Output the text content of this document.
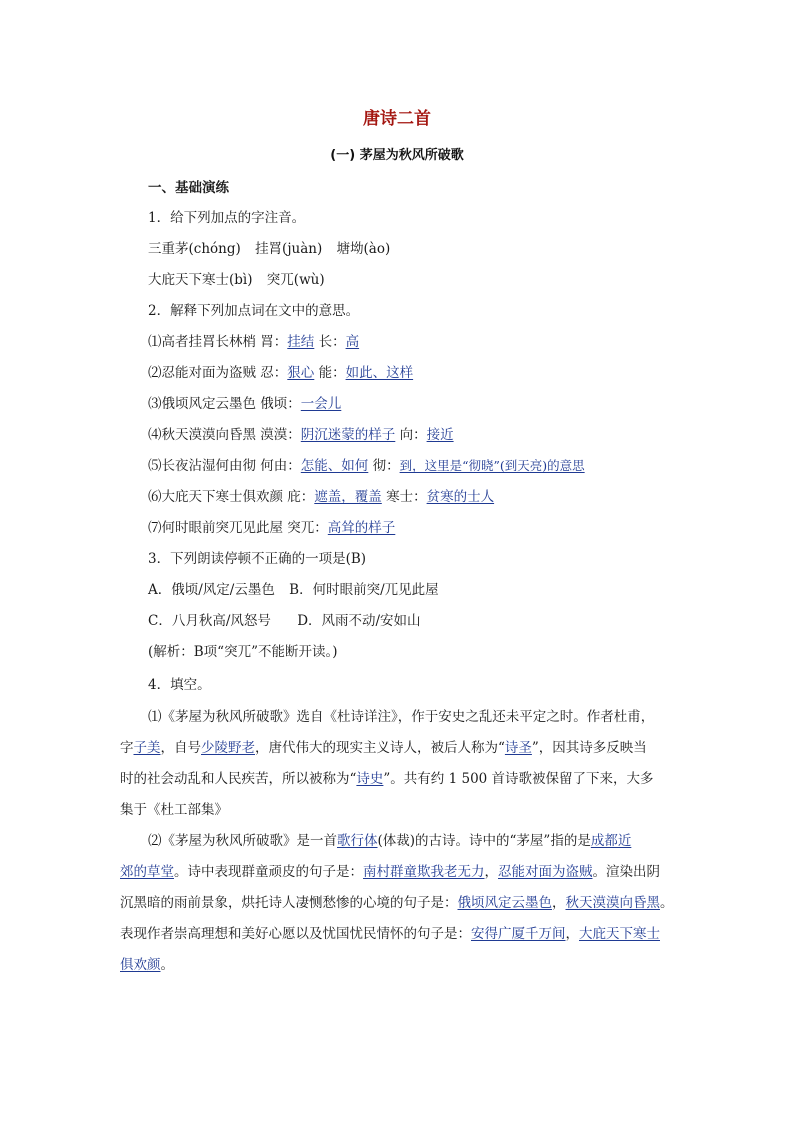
唐诗二首
(一) 茅屋为秋风所破歌
一、基础演练
1．给下列加点的字注音。
三重茅(chóng) 挂罥(juàn) 塘坳(ào)
大庇天下寒士(bì) 突兀(wù)
2．解释下列加点词在文中的意思。
⑴高者挂罥长林梢 罥：挂结 长：高
⑵忍能对面为盗贼 忍：狠心 能：如此、这样
⑶俄顷风定云墨色 俄顷：一会儿
⑷秋天漠漠向昏黑 漠漠：阴沉迷蒙的样子 向：接近
⑸长夜沾湿何由彻 何由：怎能、如何 彻：到，这里是“彻晓”(到天亮)的意思
⑹大庇天下寒士俱欢颜 庇：遮盖，覆盖 寒士：贫寒的士人
⑺何时眼前突兀见此屋 突兀：高耸的样子
3．下列朗读停顿不正确的一项是(B)
A．俄顷/风定/云墨色 B．何时眼前突/兀见此屋
C．八月秋高/风怒号 D．风雨不动/安如山
(解析：B项“突兀”不能断开读。)
4．填空。
⑴《茅屋为秋风所破歌》选自《杜诗详注》，作于安史之乱还未平定之时。作者杜甫，
字子美，自号少陵野老，唐代伟大的现实主义诗人，被后人称为“诗圣”，因其诗多反映当
时的社会动乱和人民疾苦，所以被称为“诗史”。共有约 1 500 首诗歌被保留了下来，大多
集于《杜工部集》
⑵《茅屋为秋风所破歌》是一首歌行体(体裁)的古诗。诗中的“茅屋”指的是成都近
郊的草堂。诗中表现群童顽皮的句子是：南村群童欺我老无力，忍能对面为盗贼。渲染出阴
沉黑暗的雨前景象，烘托诗人凄恻愁惨的心境的句子是：俄顷风定云墨色，秋天漠漠向昏黑。
表现作者崇高理想和美好心愿以及忧国忧民情怀的句子是：安得广厦千万间，大庇天下寒士
俱欢颜。
